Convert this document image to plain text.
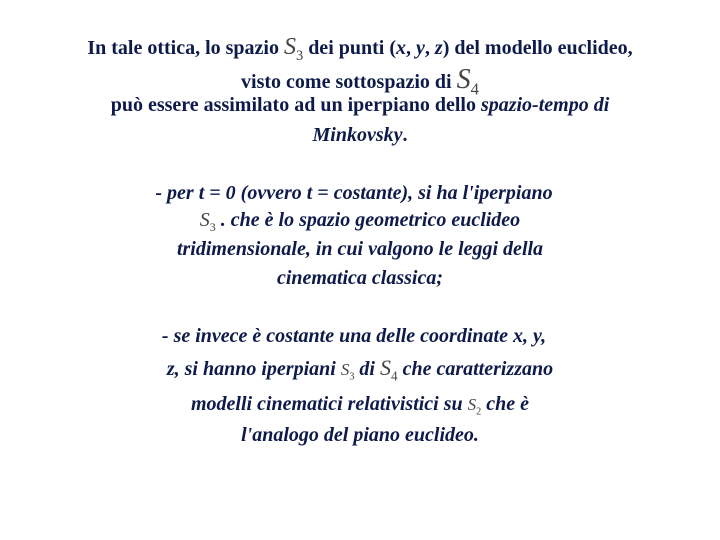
In tale ottica, lo spazio $S_3$ dei punti (x, y, z) del modello euclideo,
visto come sottospazio di $S_4$
può essere assimilato ad un iperpiano dello spazio-tempo di
Minkovsky.
- per t = 0 (ovvero t = costante), si ha l'iperpiano
$S_3$ . che è lo spazio geometrico euclideo
tridimensionale, in cui valgono le leggi della
cinematica classica;
- se invece è costante una delle coordinate x, y,
z, si hanno iperpiani $S_3$ di $S_4$ che caratterizzano
modelli cinematici relativistici su $S_2$ che è
l'analogo del piano euclideo.
